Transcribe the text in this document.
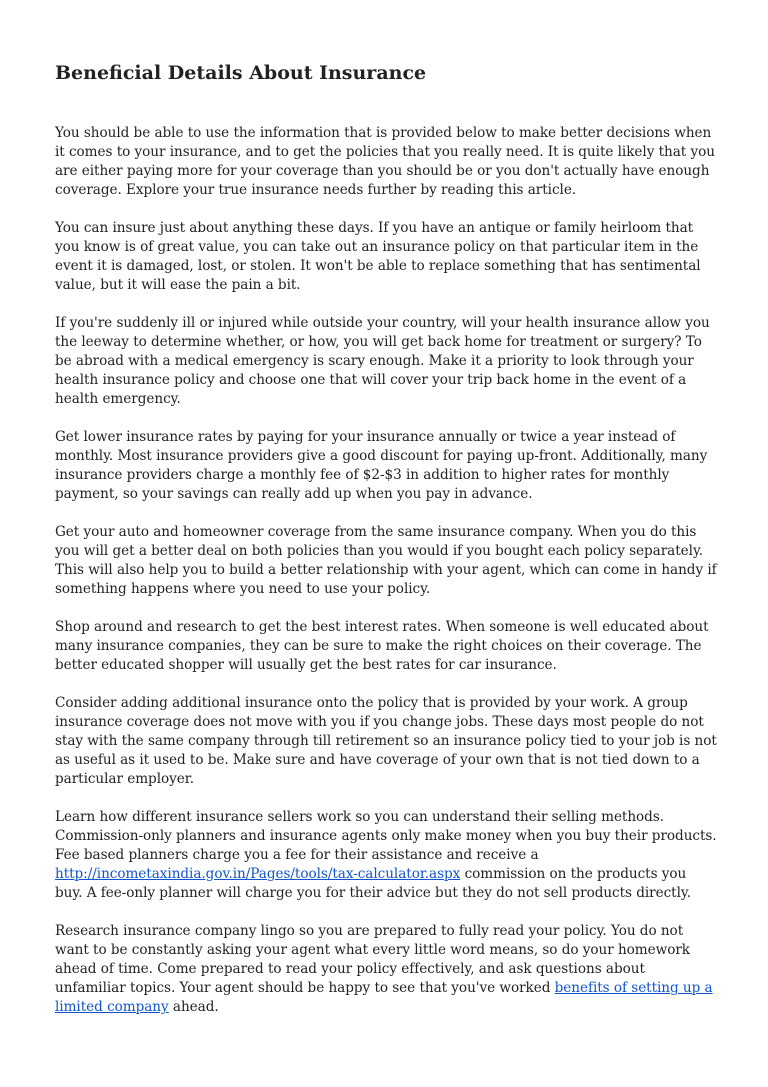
Beneficial Details About Insurance

You should be able to use the information that is provided below to make better decisions when it comes to your insurance, and to get the policies that you really need. It is quite likely that you are either paying more for your coverage than you should be or you don't actually have enough coverage. Explore your true insurance needs further by reading this article.

You can insure just about anything these days. If you have an antique or family heirloom that you know is of great value, you can take out an insurance policy on that particular item in the event it is damaged, lost, or stolen. It won't be able to replace something that has sentimental value, but it will ease the pain a bit.

If you're suddenly ill or injured while outside your country, will your health insurance allow you the leeway to determine whether, or how, you will get back home for treatment or surgery? To be abroad with a medical emergency is scary enough. Make it a priority to look through your health insurance policy and choose one that will cover your trip back home in the event of a health emergency.

Get lower insurance rates by paying for your insurance annually or twice a year instead of monthly. Most insurance providers give a good discount for paying up-front. Additionally, many insurance providers charge a monthly fee of $2-$3 in addition to higher rates for monthly payment, so your savings can really add up when you pay in advance.

Get your auto and homeowner coverage from the same insurance company. When you do this you will get a better deal on both policies than you would if you bought each policy separately. This will also help you to build a better relationship with your agent, which can come in handy if something happens where you need to use your policy.

Shop around and research to get the best interest rates. When someone is well educated about many insurance companies, they can be sure to make the right choices on their coverage. The better educated shopper will usually get the best rates for car insurance.

Consider adding additional insurance onto the policy that is provided by your work. A group insurance coverage does not move with you if you change jobs. These days most people do not stay with the same company through till retirement so an insurance policy tied to your job is not as useful as it used to be. Make sure and have coverage of your own that is not tied down to a particular employer.

Learn how different insurance sellers work so you can understand their selling methods. Commission-only planners and insurance agents only make money when you buy their products. Fee based planners charge you a fee for their assistance and receive a http://incometaxindia.gov.in/Pages/tools/tax-calculator.aspx commission on the products you buy. A fee-only planner will charge you for their advice but they do not sell products directly.

Research insurance company lingo so you are prepared to fully read your policy. You do not want to be constantly asking your agent what every little word means, so do your homework ahead of time. Come prepared to read your policy effectively, and ask questions about unfamiliar topics. Your agent should be happy to see that you've worked benefits of setting up a limited company ahead.
